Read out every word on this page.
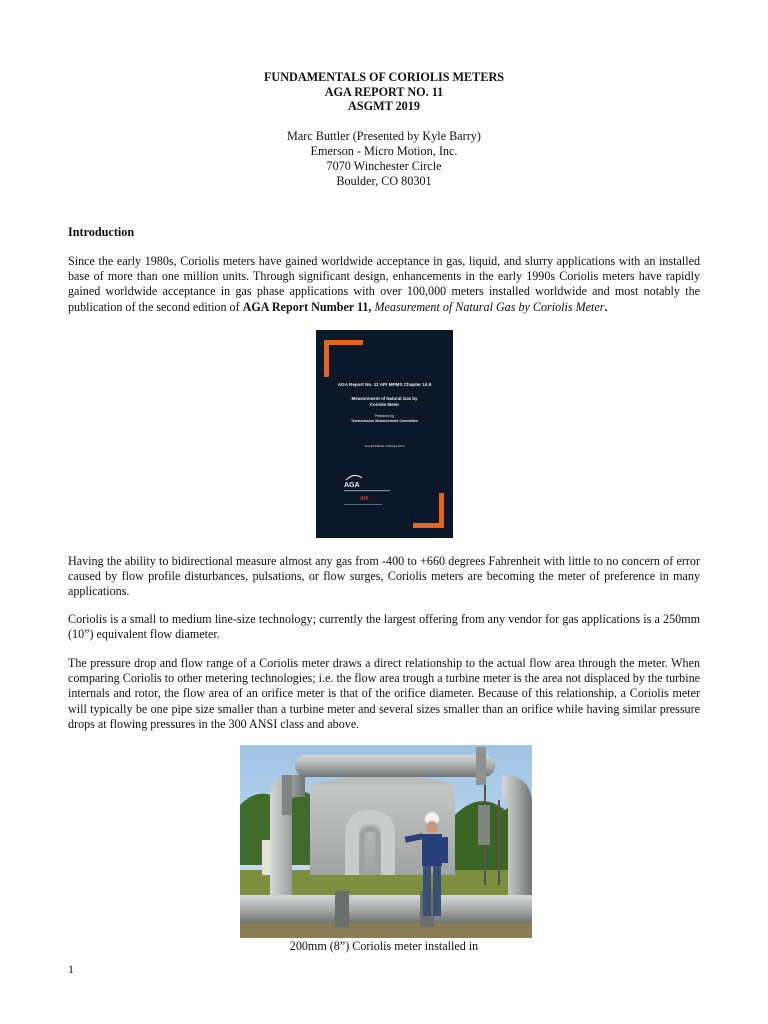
FUNDAMENTALS OF CORIOLIS METERS
AGA REPORT NO. 11
ASGMT 2019
Marc Buttler (Presented by Kyle Barry)
Emerson - Micro Motion, Inc.
7070 Winchester Circle
Boulder, CO 80301
Introduction
Since the early 1980s, Coriolis meters have gained worldwide acceptance in gas, liquid, and slurry applications with an installed base of more than one million units. Through significant design, enhancements in the early 1990s Coriolis meters have rapidly gained worldwide acceptance in gas phase applications with over 100,000 meters installed worldwide and most notably the publication of the second edition of AGA Report Number 11, Measurement of Natural Gas by Coriolis Meter.
AGA Report No. 11 API MPMS Chapter 14.9
Measurement of Natural Gas by
Coriolis Meter
Prepared by
Transmission Measurement Committee
Second Edition, February 2013
AGA
API
Having the ability to bidirectional measure almost any gas from -400 to +660 degrees Fahrenheit with little to no concern of error caused by flow profile disturbances, pulsations, or flow surges, Coriolis meters are becoming the meter of preference in many applications.
Coriolis is a small to medium line-size technology; currently the largest offering from any vendor for gas applications is a 250mm (10”) equivalent flow diameter.
The pressure drop and flow range of a Coriolis meter draws a direct relationship to the actual flow area through the meter. When comparing Coriolis to other metering technologies; i.e. the flow area trough a turbine meter is the area not displaced by the turbine internals and rotor, the flow area of an orifice meter is that of the orifice diameter. Because of this relationship, a Coriolis meter will typically be one pipe size smaller than a turbine meter and several sizes smaller than an orifice while having similar pressure drops at flowing pressures in the 300 ANSI class and above.
200mm (8”) Coriolis meter installed in
1
